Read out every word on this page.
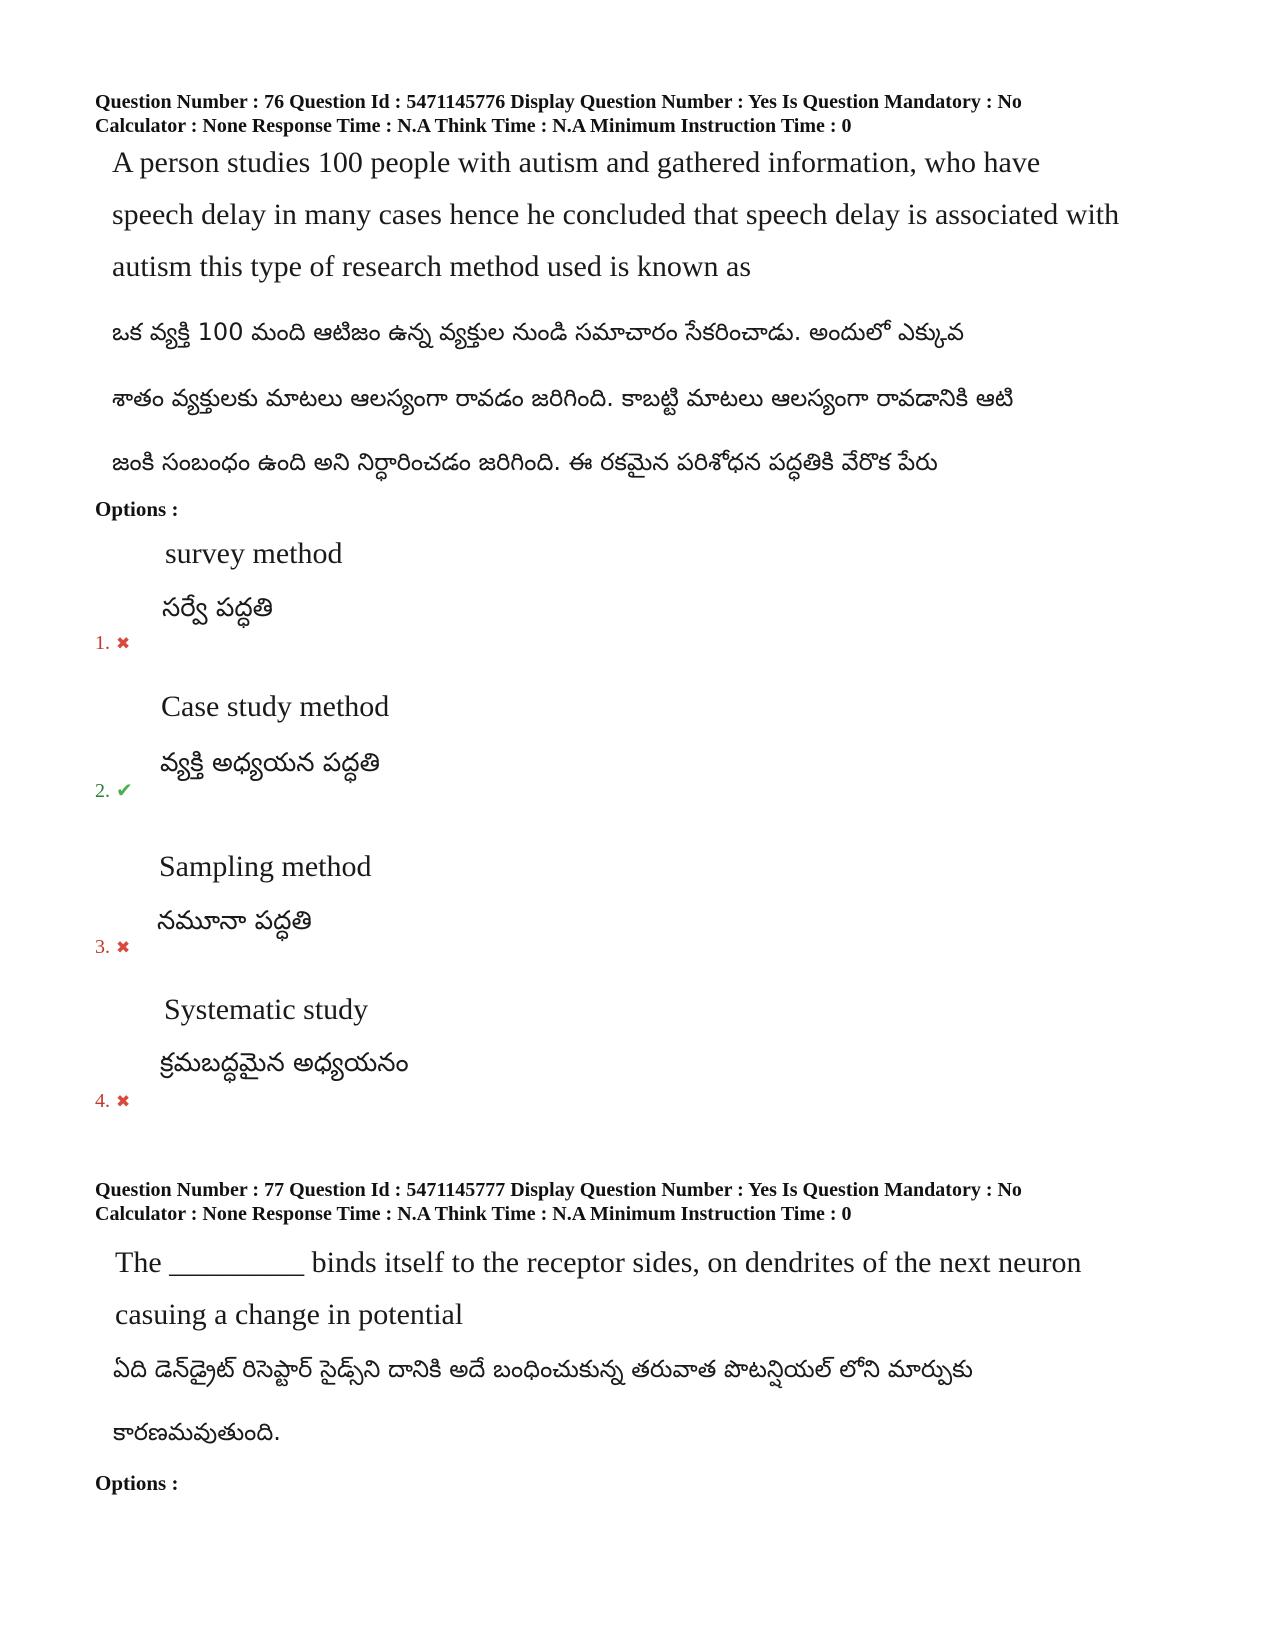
Question Number : 76 Question Id : 5471145776 Display Question Number : Yes Is Question Mandatory : No
Calculator : None Response Time : N.A Think Time : N.A Minimum Instruction Time : 0
A person studies 100 people with autism and gathered information, who have
speech delay in many cases hence he concluded that speech delay is associated with
autism this type of research method used is known as
ఒక వ్యక్తి 100 మంది ఆటిజం ఉన్న వ్యక్తుల నుండి సమాచారం సేకరించాడు. అందులో ఎక్కువ
శాతం వ్యక్తులకు మాటలు ఆలస్యంగా రావడం జరిగింది. కాబట్టి మాటలు ఆలస్యంగా రావడానికి ఆటి
జంకి సంబంధం ఉంది అని నిర్ధారించడం జరిగింది. ఈ రకమైన పరిశోధన పద్ధతికి వేరొక పేరు
Options :
survey method
సర్వే పద్ధతి
1. ✖
Case study method
వ్యక్తి అధ్యయన పద్ధతి
2. ✔
Sampling method
నమూనా పద్ధతి
3. ✖
Systematic study
క్రమబద్ధమైన అధ్యయనం
4. ✖
Question Number : 77 Question Id : 5471145777 Display Question Number : Yes Is Question Mandatory : No
Calculator : None Response Time : N.A Think Time : N.A Minimum Instruction Time : 0
The _________ binds itself to the receptor sides, on dendrites of the next neuron
casuing a change in potential
ఏది డెన్‌డ్రైట్ రిసెప్టార్ సైడ్స్‌ని దానికి అదే బంధించుకున్న తరువాత పొటన్షియల్ లోని మార్పుకు
కారణమవుతుంది.
Options :
